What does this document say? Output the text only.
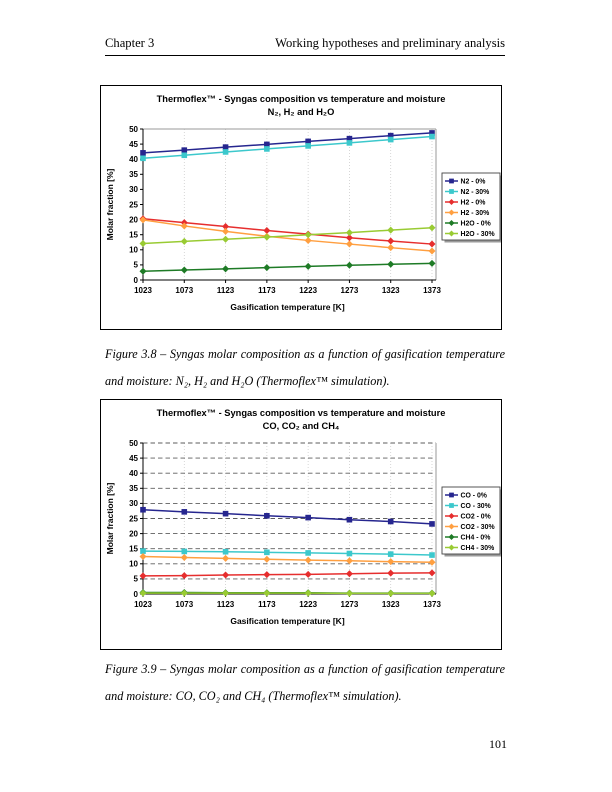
Chapter 3	Working hypotheses and preliminary analysis
Thermoflex™ - Syngas composition vs temperature and moisture
N₂, H₂ and H₂O
0
5
10
15
20
25
30
35
40
45
50
1023	1073	1123	1173	1223	1273	1323	1373
Gasification temperature [K]
Molar fraction [%]	N2 - 0%
N2 - 30%
H2 - 0%
H2 - 30%
H2O - 0%
H2O - 30%

Figure 3.8 – Syngas molar composition as a function of gasification temperature and moisture: N₂, H₂ and H₂O (Thermoflex™ simulation).

Thermoflex™ - Syngas composition vs temperature and moisture
CO, CO₂ and CH₄
0
5
10
15
20
25
30
35
40
45
50
1023	1073	1123	1173	1223	1273	1323	1373
Gasification temperature [K]
Molar fraction [%]	CO - 0%
CO - 30%
CO2 - 0%
CO2 - 30%
CH4 - 0%
CH4 - 30%

Figure 3.9 – Syngas molar composition as a function of gasification temperature and moisture: CO, CO₂ and CH₄ (Thermoflex™ simulation).

101
